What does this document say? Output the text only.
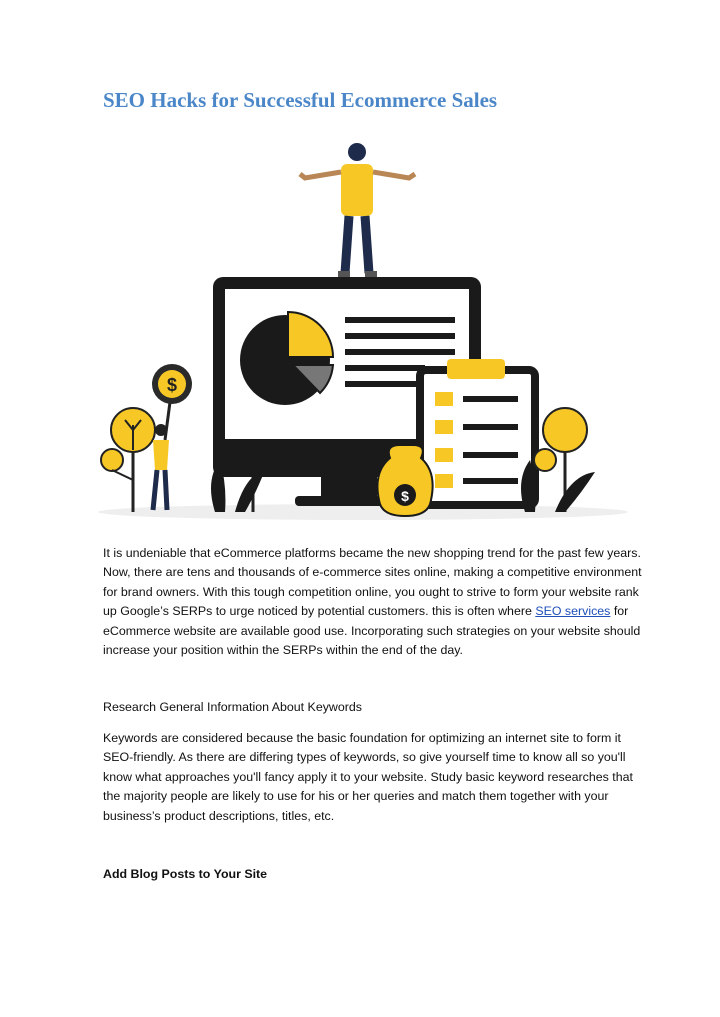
SEO Hacks for Successful Ecommerce Sales
$
$

It is undeniable that eCommerce platforms became the new shopping trend for the past few years. Now, there are tens and thousands of e-commerce sites online, making a competitive environment for brand owners. With this tough competition online, you ought to strive to form your website rank up Google’s SERPs to urge noticed by potential customers. this is often where SEO services for eCommerce website are available good use. Incorporating such strategies on your website should increase your position within the SERPs within the end of the day.

Research General Information About Keywords

Keywords are considered because the basic foundation for optimizing an internet site to form it SEO-friendly. As there are differing types of keywords, so give yourself time to know all so you'll know what approaches you'll fancy apply it to your website. Study basic keyword researches that the majority people are likely to use for his or her queries and match them together with your business’s product descriptions, titles, etc.

Add Blog Posts to Your Site
